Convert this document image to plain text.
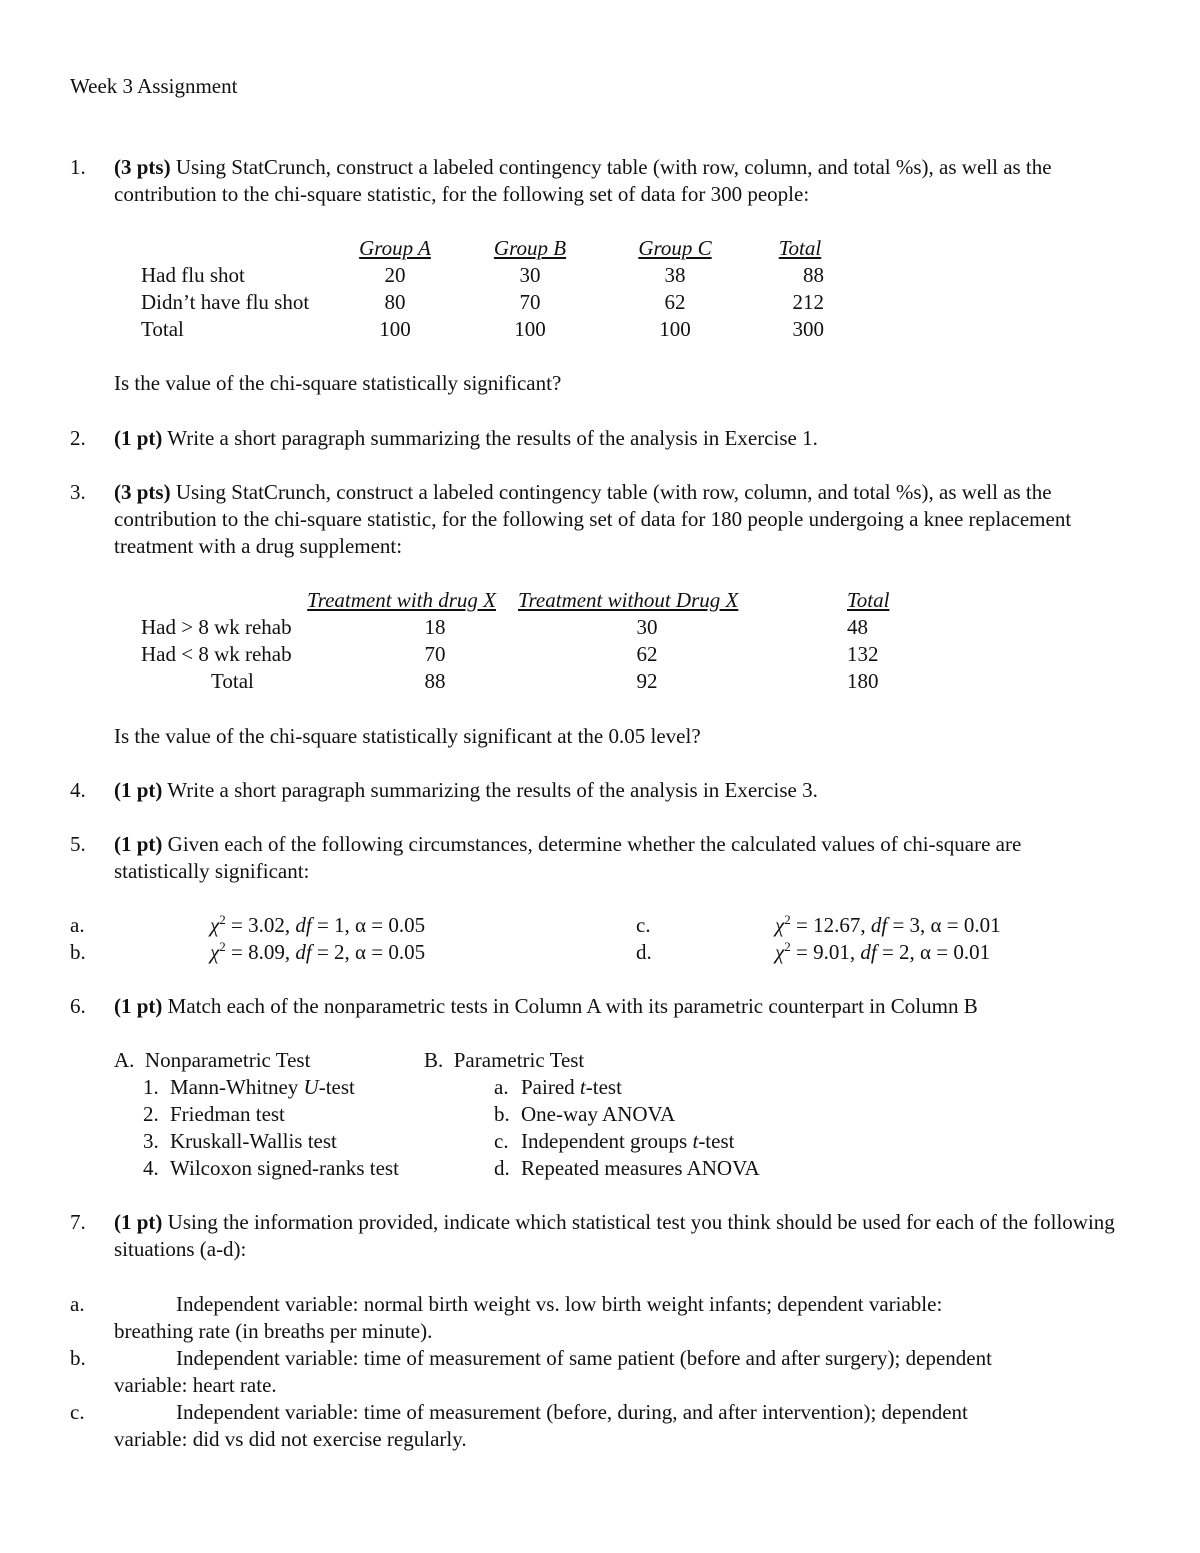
Week 3 Assignment
1. (3 pts) Using StatCrunch, construct a labeled contingency table (with row, column, and total %s), as well as the contribution to the chi-square statistic, for the following set of data for 300 people:
Group A	Group B	Group C	Total
Had flu shot	20	30	38	88
Didn’t have flu shot	80	70	62	212
Total	100	100	100	300
Is the value of the chi-square statistically significant?
2. (1 pt) Write a short paragraph summarizing the results of the analysis in Exercise 1.
3. (3 pts) Using StatCrunch, construct a labeled contingency table (with row, column, and total %s), as well as the contribution to the chi-square statistic, for the following set of data for 180 people undergoing a knee replacement treatment with a drug supplement:
Treatment with drug X Treatment without Drug X	Total
Had > 8 wk rehab	18	30	48
Had < 8 wk rehab	70	62	132
Total	88	92	180
Is the value of the chi-square statistically significant at the 0.05 level?
4. (1 pt) Write a short paragraph summarizing the results of the analysis in Exercise 3.
5. (1 pt) Given each of the following circumstances, determine whether the calculated values of chi-square are statistically significant:
a.	$\chi^2 = 3.02$, df = 1, α = 0.05
b.	$\chi^2 = 8.09$, df = 2, α = 0.05
c.	$\chi^2 = 12.67$, df = 3, α = 0.01
d.	$\chi^2 = 9.01$, df = 2, α = 0.01
6. (1 pt) Match each of the nonparametric tests in Column A with its parametric counterpart in Column B
A.  Nonparametric Test	B.  Parametric Test
1. Mann-Whitney U-test
2. Friedman test
3. Kruskall-Wallis test
4. Wilcoxon signed-ranks test
a. Paired t-test
b. One-way ANOVA
c. Independent groups t-test
d. Repeated measures ANOVA
7. (1 pt) Using the information provided, indicate which statistical test you think should be used for each of the following situations (a-d):
a.	Independent variable: normal birth weight vs. low birth weight infants; dependent variable:
breathing rate (in breaths per minute).
b.	Independent variable: time of measurement of same patient (before and after surgery); dependent
variable: heart rate.
c.	Independent variable: time of measurement (before, during, and after intervention); dependent
variable: did vs did not exercise regularly.
